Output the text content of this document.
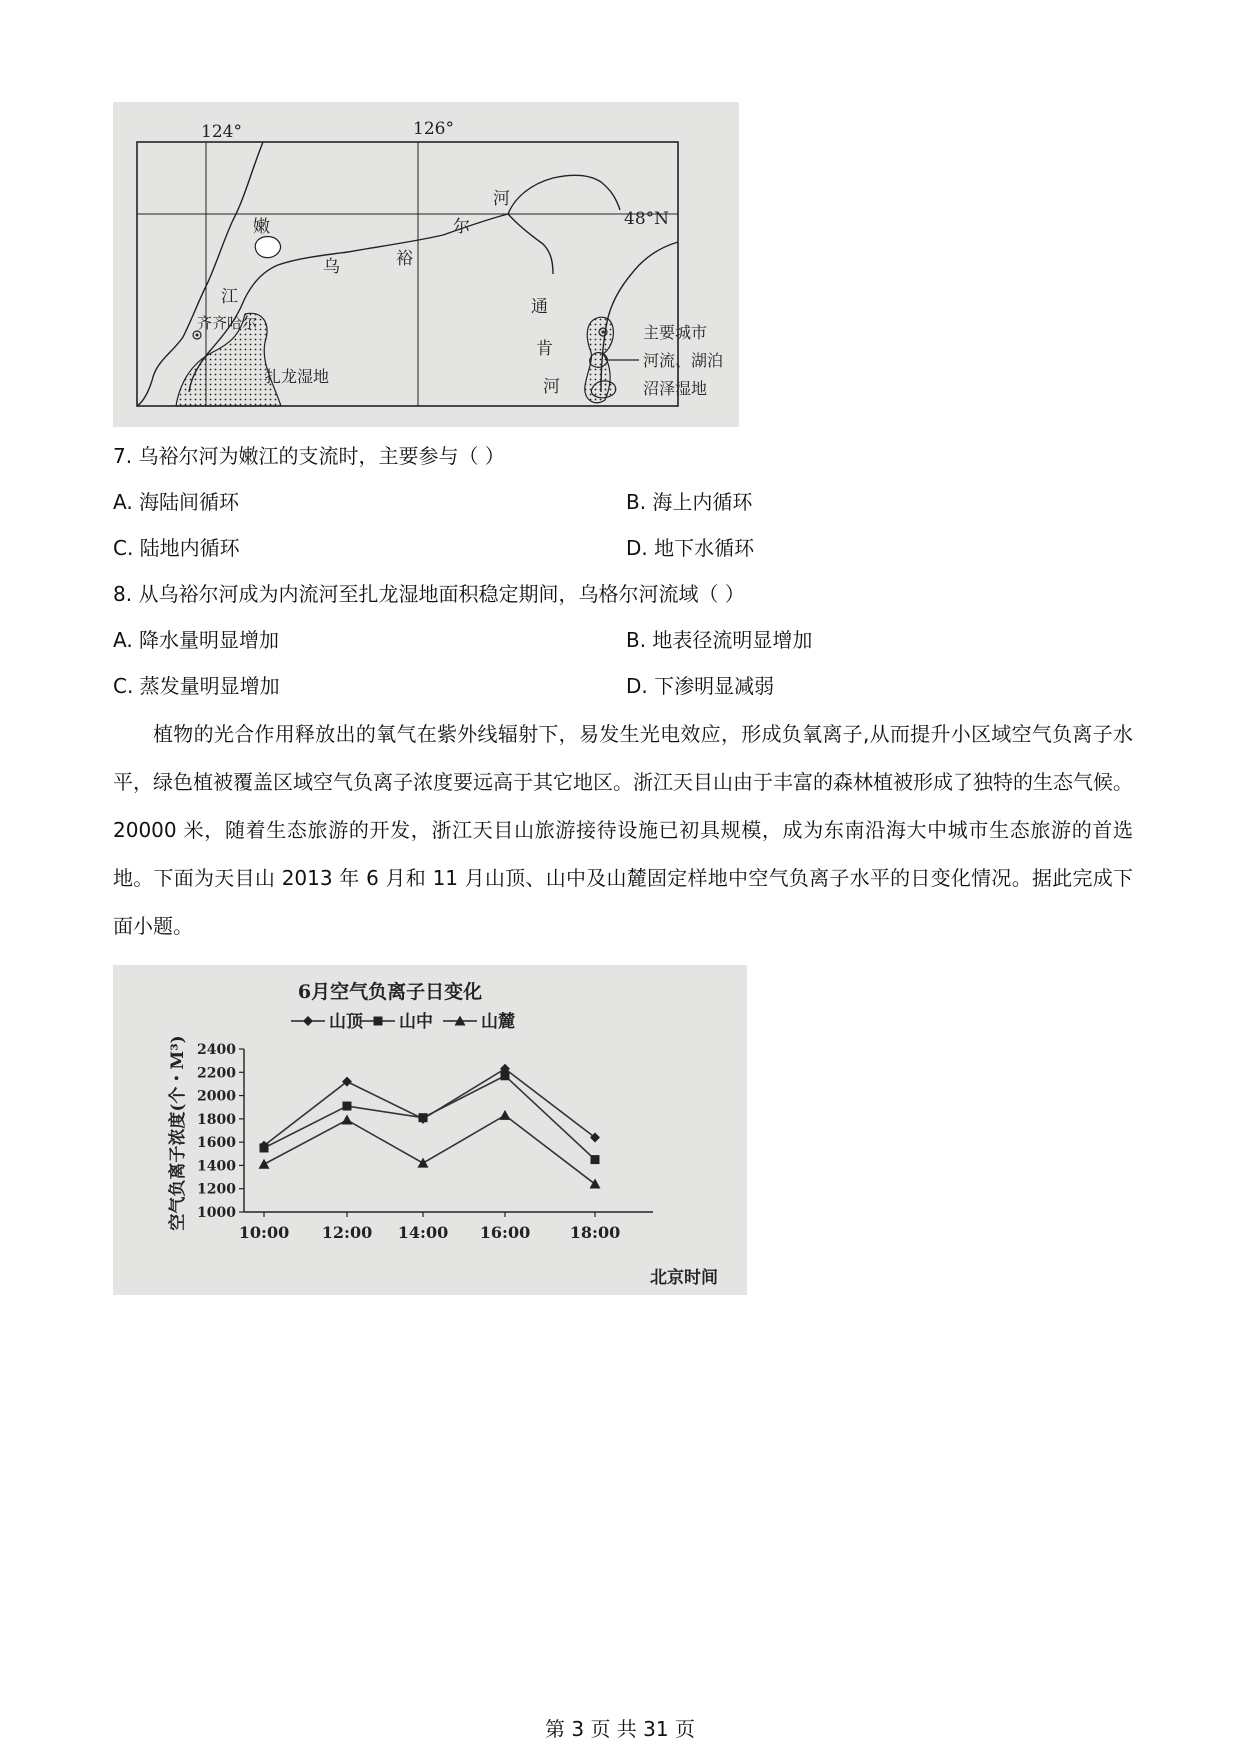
124°	126°
48°N
嫩
江
乌	裕
尔
河
齐齐哈尔
扎龙湿地
通
肯
河
主要城市
河流、湖泊
沼泽湿地
7. 乌裕尔河为嫩江的支流时，主要参与（ ）
A. 海陆间循环	B. 海上内循环
C. 陆地内循环	D. 地下水循环
8. 从乌裕尔河成为内流河至扎龙湿地面积稳定期间，乌格尔河流域（ ）
A. 降水量明显增加	B. 地表径流明显增加
C. 蒸发量明显增加	D. 下渗明显减弱

植物的光合作用释放出的氧气在紫外线辐射下，易发生光电效应，形成负氧离子,从而提升小区域空气负离子水平，绿色植被覆盖区域空气负离子浓度要远高于其它地区。浙江天目山由于丰富的森林植被形成了独特的生态气候。20000 米，随着生态旅游的开发，浙江天目山旅游接待设施已初具规模，成为东南沿海大中城市生态旅游的首选地。下面为天目山 2013 年 6 月和 11 月山顶、山中及山麓固定样地中空气负离子水平的日变化情况。据此完成下面小题。

6月空气负离子日变化
山顶 山中	山麓
1000
1200
1400
1600
1800
2000
2200
2400
10:00 12:00 14:00 16:00 18:00
空气负离子浓度(个・M³)
北京时间
第 3 页 共 31 页
